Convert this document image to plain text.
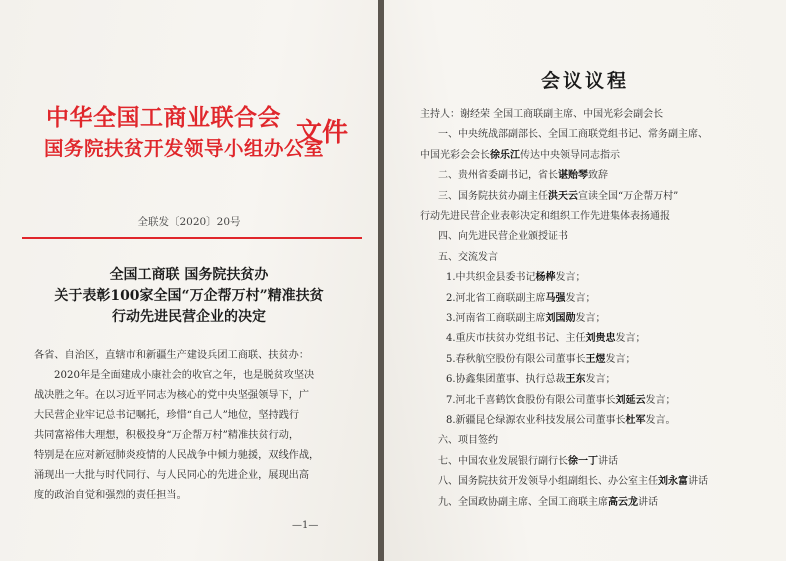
中华全国工商业联合会
国务院扶贫开发领导小组办公室
文件
全联发〔2020〕20号
全国工商联 国务院扶贫办
关于表彰100家全国“万企帮万村”精准扶贫
行动先进民营企业的决定
各省、自治区，直辖市和新疆生产建设兵团工商联、扶贫办：
2020年是全面建成小康社会的收官之年，也是脱贫攻坚决
战决胜之年。在以习近平同志为核心的党中央坚强领导下，广
大民营企业牢记总书记嘱托，珍惜“自己人”地位，坚持践行
共同富裕伟大理想，积极投身“万企帮万村”精准扶贫行动，
特别是在应对新冠肺炎疫情的人民战争中倾力驰援，双线作战，
涌现出一大批与时代同行、与人民同心的先进企业，展现出高
度的政治自觉和强烈的责任担当。
—1—
会议议程
主持人：谢经荣 全国工商联副主席、中国光彩会副会长
一、中央统战部副部长、全国工商联党组书记、常务副主席、
中国光彩会会长徐乐江传达中央领导同志指示
二、贵州省委副书记，省长谌贻琴致辞
三、国务院扶贫办副主任洪天云宣读全国“万企帮万村”
行动先进民营企业表彰决定和组织工作先进集体表扬通报
四、向先进民营企业颁授证书
五、交流发言
1.中共织金县委书记杨桦发言；
2.河北省工商联副主席马强发言；
3.河南省工商联副主席刘国勋发言；
4.重庆市扶贫办党组书记、主任刘贵忠发言；
5.春秋航空股份有限公司董事长王煜发言；
6.协鑫集团董事、执行总裁王东发言；
7.河北千喜鹤饮食股份有限公司董事长刘延云发言；
8.新疆昆仑绿源农业科技发展公司董事长杜军发言。
六、项目签约
七、中国农业发展银行副行长徐一丁讲话
八、国务院扶贫开发领导小组副组长、办公室主任刘永富讲话
九、全国政协副主席、全国工商联主席高云龙讲话
